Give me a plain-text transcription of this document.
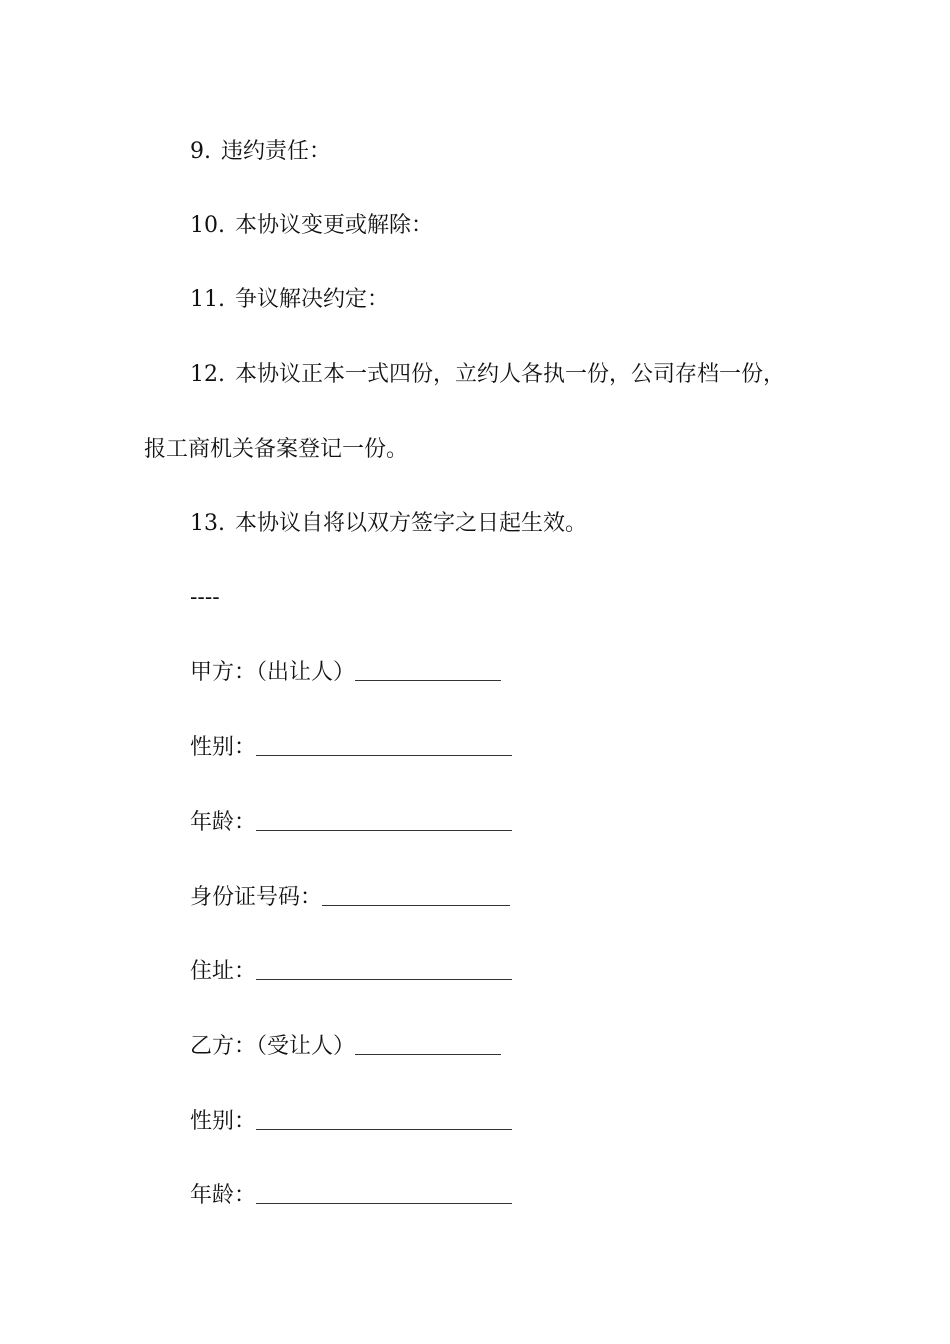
9. 违约责任：

10. 本协议变更或解除：

11. 争议解决约定：

12. 本协议正本一式四份，立约人各执一份，公司存档一份，

报工商机关备案登记一份。

13. 本协议自将以双方签字之日起生效。

----

甲方：（出让人）

性别：

年龄：

身份证号码：

住址：

乙方：（受让人）

性别：

年龄：
